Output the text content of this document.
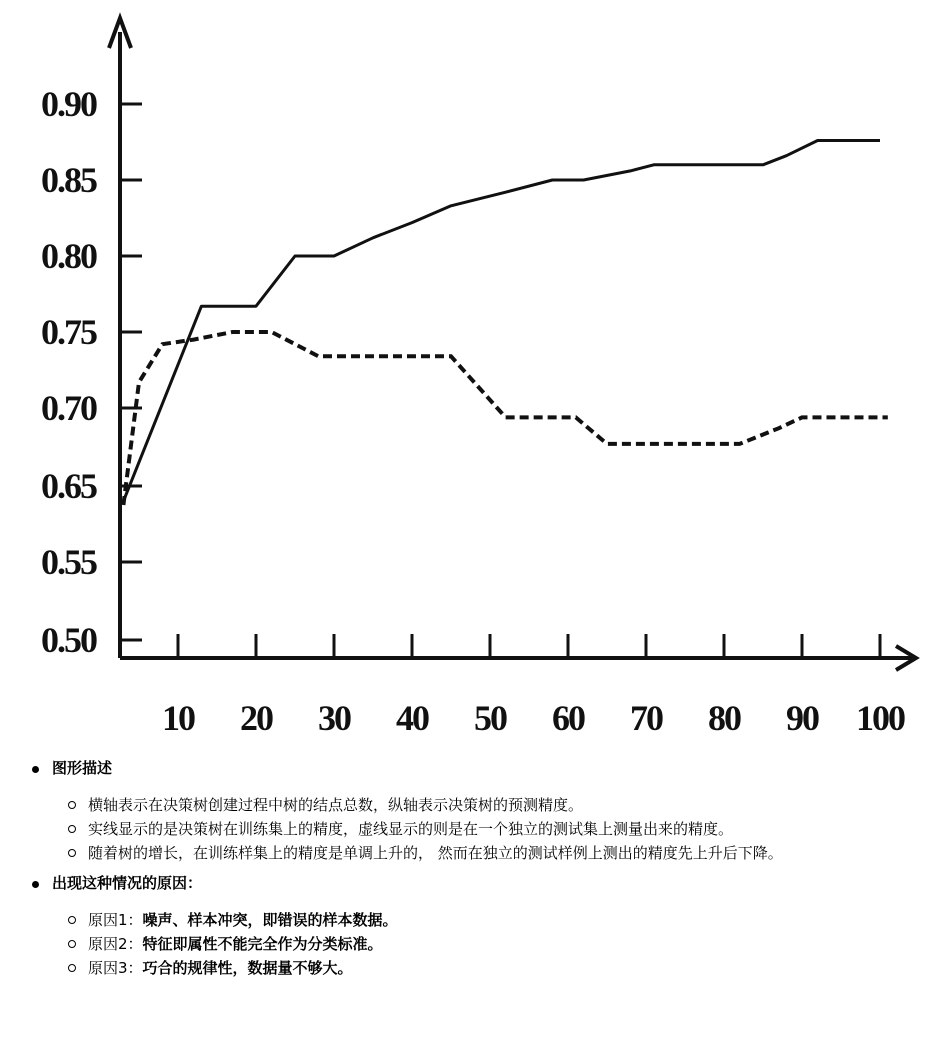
0.90
0.85
0.80
0.75
0.70
0.65
0.55
0.50
10 20 30 40 50 60 70 80 90 100
图形描述
横轴表示在决策树创建过程中树的结点总数，纵轴表示决策树的预测精度。
实线显示的是决策树在训练集上的精度，虚线显示的则是在一个独立的测试集上测量出来的精度。
随着树的增长，在训练样集上的精度是单调上升的， 然而在独立的测试样例上测出的精度先上升后下降。
出现这种情况的原因：
原因1：噪声、样本冲突，即错误的样本数据。
原因2：特征即属性不能完全作为分类标准。
原因3：巧合的规律性，数据量不够大。
